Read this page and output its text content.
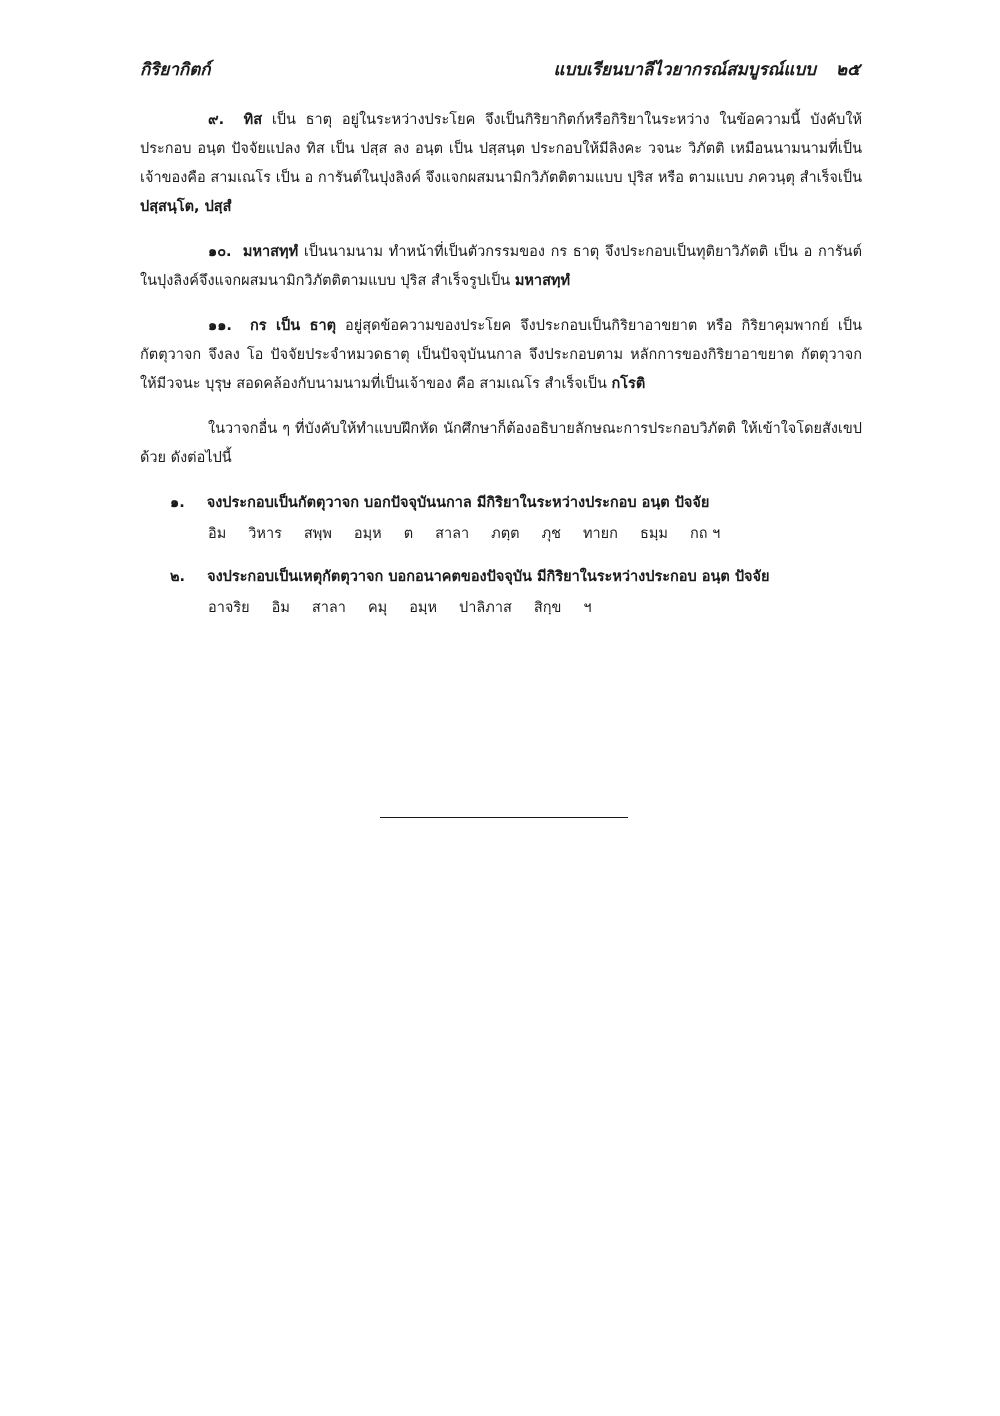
กิริยากิตก์	แบบเรียนบาลีไวยากรณ์สมบูรณ์แบบ ๒๕

๙. ทิส เป็น ธาตุ อยู่ในระหว่างประโยค จึงเป็นกิริยากิตก์หรือกิริยาในระหว่าง ในข้อความนี้ บังคับให้ประกอบ อนฺต ปัจจัยแปลง ทิส เป็น ปสฺส ลง อนฺต เป็น ปสฺสนฺต ประกอบให้มีลิงคะ วจนะ วิภัตติ เหมือนนามนามที่เป็นเจ้าของคือ สามเณโร เป็น อ การันต์ในปุงลิงค์ จึงแจกผสมนามิกวิภัตติตามแบบ ปุริส หรือ ตามแบบ ภควนฺตุ สำเร็จเป็น ปสฺสนฺโต, ปสฺสํ

๑๐. มหาสทฺทํ เป็นนามนาม ทำหน้าที่เป็นตัวกรรมของ กร ธาตุ จึงประกอบเป็นทุติยาวิภัตติ เป็น อ การันต์ในปุงลิงค์จึงแจกผสมนามิกวิภัตติตามแบบ ปุริส สำเร็จรูปเป็น มหาสทฺทํ

๑๑. กร เป็น ธาตุ อยู่สุดข้อความของประโยค จึงประกอบเป็นกิริยาอาขยาต หรือ กิริยาคุมพากย์ เป็นกัตตุวาจก จึงลง โอ ปัจจัยประจำหมวดธาตุ เป็นปัจจุบันนกาล จึงประกอบตาม หลักการของกิริยาอาขยาต กัตตุวาจก ให้มีวจนะ บุรุษ สอดคล้องกับนามนามที่เป็นเจ้าของ คือ สามเณโร สำเร็จเป็น กโรติ

ในวาจกอื่น ๆ ที่บังคับให้ทำแบบฝึกหัด นักศึกษาก็ต้องอธิบายลักษณะการประกอบวิภัตติ ให้เข้าใจโดยสังเขปด้วย ดังต่อไปนี้

๑. จงประกอบเป็นกัตตุวาจก บอกปัจจุบันนกาล มีกิริยาในระหว่างประกอบ อนฺต ปัจจัย
อิม วิหาร สพฺพ อมฺห ต สาลา ภตฺต ภุช ทายก ธมฺม กถ ฯ
๒. จงประกอบเป็นเหตุกัตตุวาจก บอกอนาคตของปัจจุบัน มีกิริยาในระหว่างประกอบ อนฺต ปัจจัย
อาจริย อิม สาลา คมุ อมฺห ปาลิภาส สิกฺข ฯ
